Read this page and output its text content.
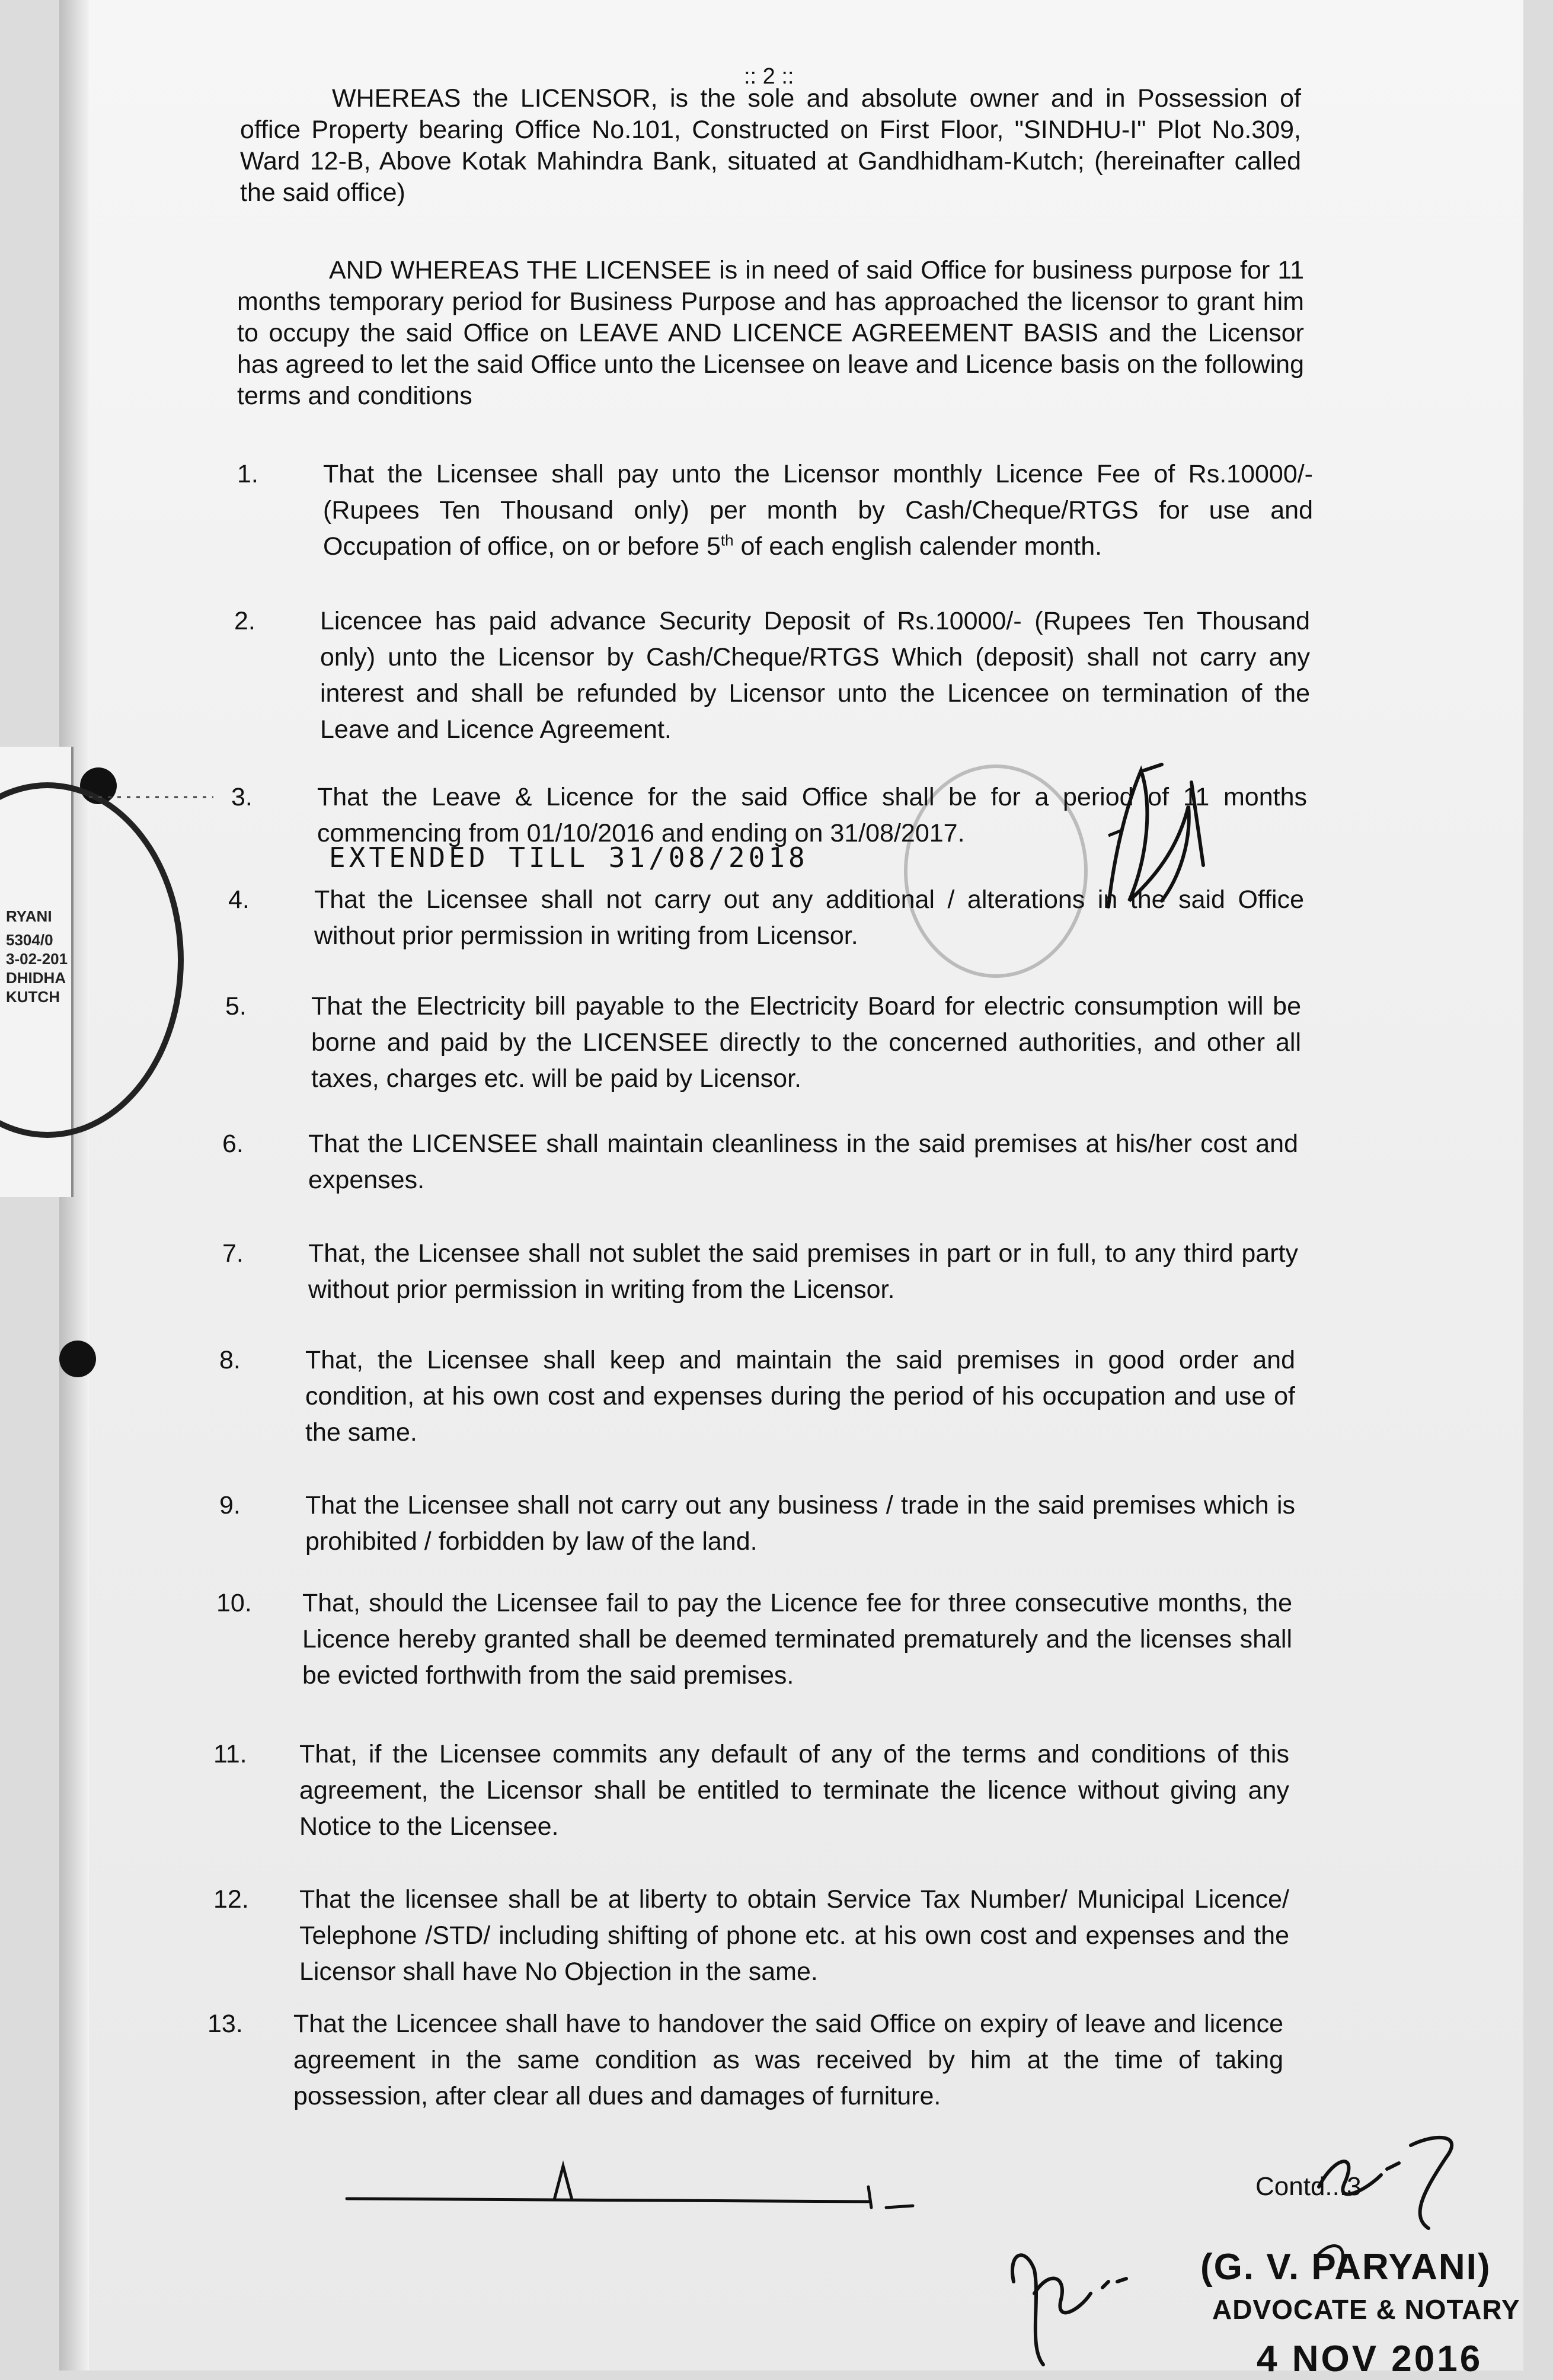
RYANI
5304/0
3-02-201
DHIDHA
KUTCH
:: 2 ::
WHEREAS the LICENSOR, is the sole and absolute owner and in Possession of office Property bearing Office No.101, Constructed on First Floor, "SINDHU-I" Plot No.309, Ward 12-B, Above Kotak Mahindra Bank, situated at Gandhidham-Kutch; (hereinafter called the said office)
AND WHEREAS THE LICENSEE is in need of said Office for business purpose for 11 months temporary period for Business Purpose and has approached the licensor to grant him to occupy the said Office on LEAVE AND LICENCE AGREEMENT BASIS and the Licensor has agreed to let the said Office unto the Licensee on leave and Licence basis on the following terms and conditions
1.	That the Licensee shall pay unto the Licensor monthly Licence Fee of Rs.10000/- (Rupees Ten Thousand only) per month by Cash/Cheque/RTGS for use and Occupation of office, on or before 5th of each english calender month.
2.	Licencee has paid advance Security Deposit of Rs.10000/- (Rupees Ten Thousand only) unto the Licensor by Cash/Cheque/RTGS Which (deposit) shall not carry any interest and shall be refunded by Licensor unto the Licencee on termination of the Leave and Licence Agreement.
3.	That the Leave & Licence for the said Office shall be for a period of 11 months commencing from 01/10/2016 and ending on 31/08/2017.
EXTENDED TILL 31/08/2018
4.	That the Licensee shall not carry out any additional / alterations in the said Office without prior permission in writing from Licensor.
5.	That the Electricity bill payable to the Electricity Board for electric consumption will be borne and paid by the LICENSEE directly to the concerned authorities, and other all taxes, charges etc. will be paid by Licensor.
6.	That the LICENSEE shall maintain cleanliness in the said premises at his/her cost and expenses.
7.	That, the Licensee shall not sublet the said premises in part or in full, to any third party without prior permission in writing from the Licensor.
8.	That, the Licensee shall keep and maintain the said premises in good order and condition, at his own cost and expenses during the period of his occupation and use of the same.
9.	That the Licensee shall not carry out any business / trade in the said premises which is prohibited / forbidden by law of the land.
10. That, should the Licensee fail to pay the Licence fee for three consecutive months, the Licence hereby granted shall be deemed terminated prematurely and the licenses shall be evicted forthwith from the said premises.
11. That, if the Licensee commits any default of any of the terms and conditions of this agreement, the Licensor shall be entitled to terminate the licence without giving any Notice to the Licensee.
12. That the licensee shall be at liberty to obtain Service Tax Number/ Municipal Licence/ Telephone /STD/ including shifting of phone etc. at his own cost and expenses and the Licensor shall have No Objection in the same.
13. That the Licencee shall have to handover the said Office on expiry of leave and licence agreement in the same condition as was received by him at the time of taking possession, after clear all dues and damages of furniture.
Contd...3
(G. V. PARYANI)
ADVOCATE & NOTARY
4 NOV 2016
